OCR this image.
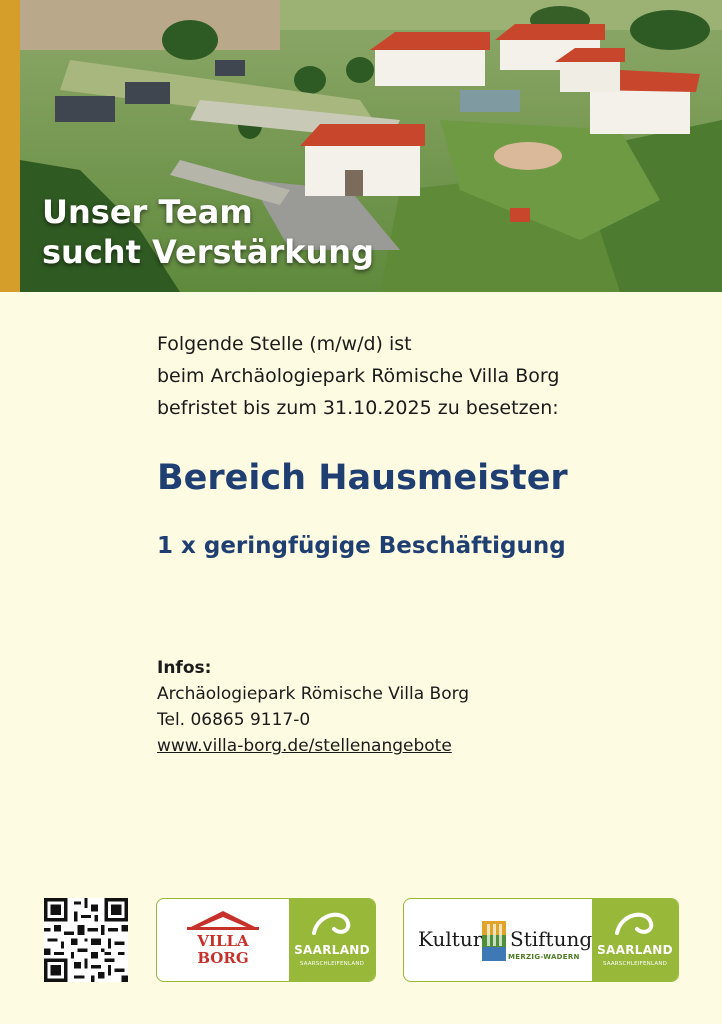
Unser Team
sucht Verstärkung
Folgende Stelle (m/w/d) ist
beim Archäologiepark Römische Villa Borg
befristet bis zum 31.10.2025 zu besetzen:
Bereich Hausmeister
1 x geringfügige Beschäftigung
Infos:
Archäologiepark Römische Villa Borg
Tel. 06865 9117-0
www.villa-borg.de/stellenangebote
VILLA
BORG	SAARLAND
SAARSCHLEIFENLAND
Kultur Stiftung
MERZIG-WADERN	SAARLAND
SAARSCHLEIFENLAND
